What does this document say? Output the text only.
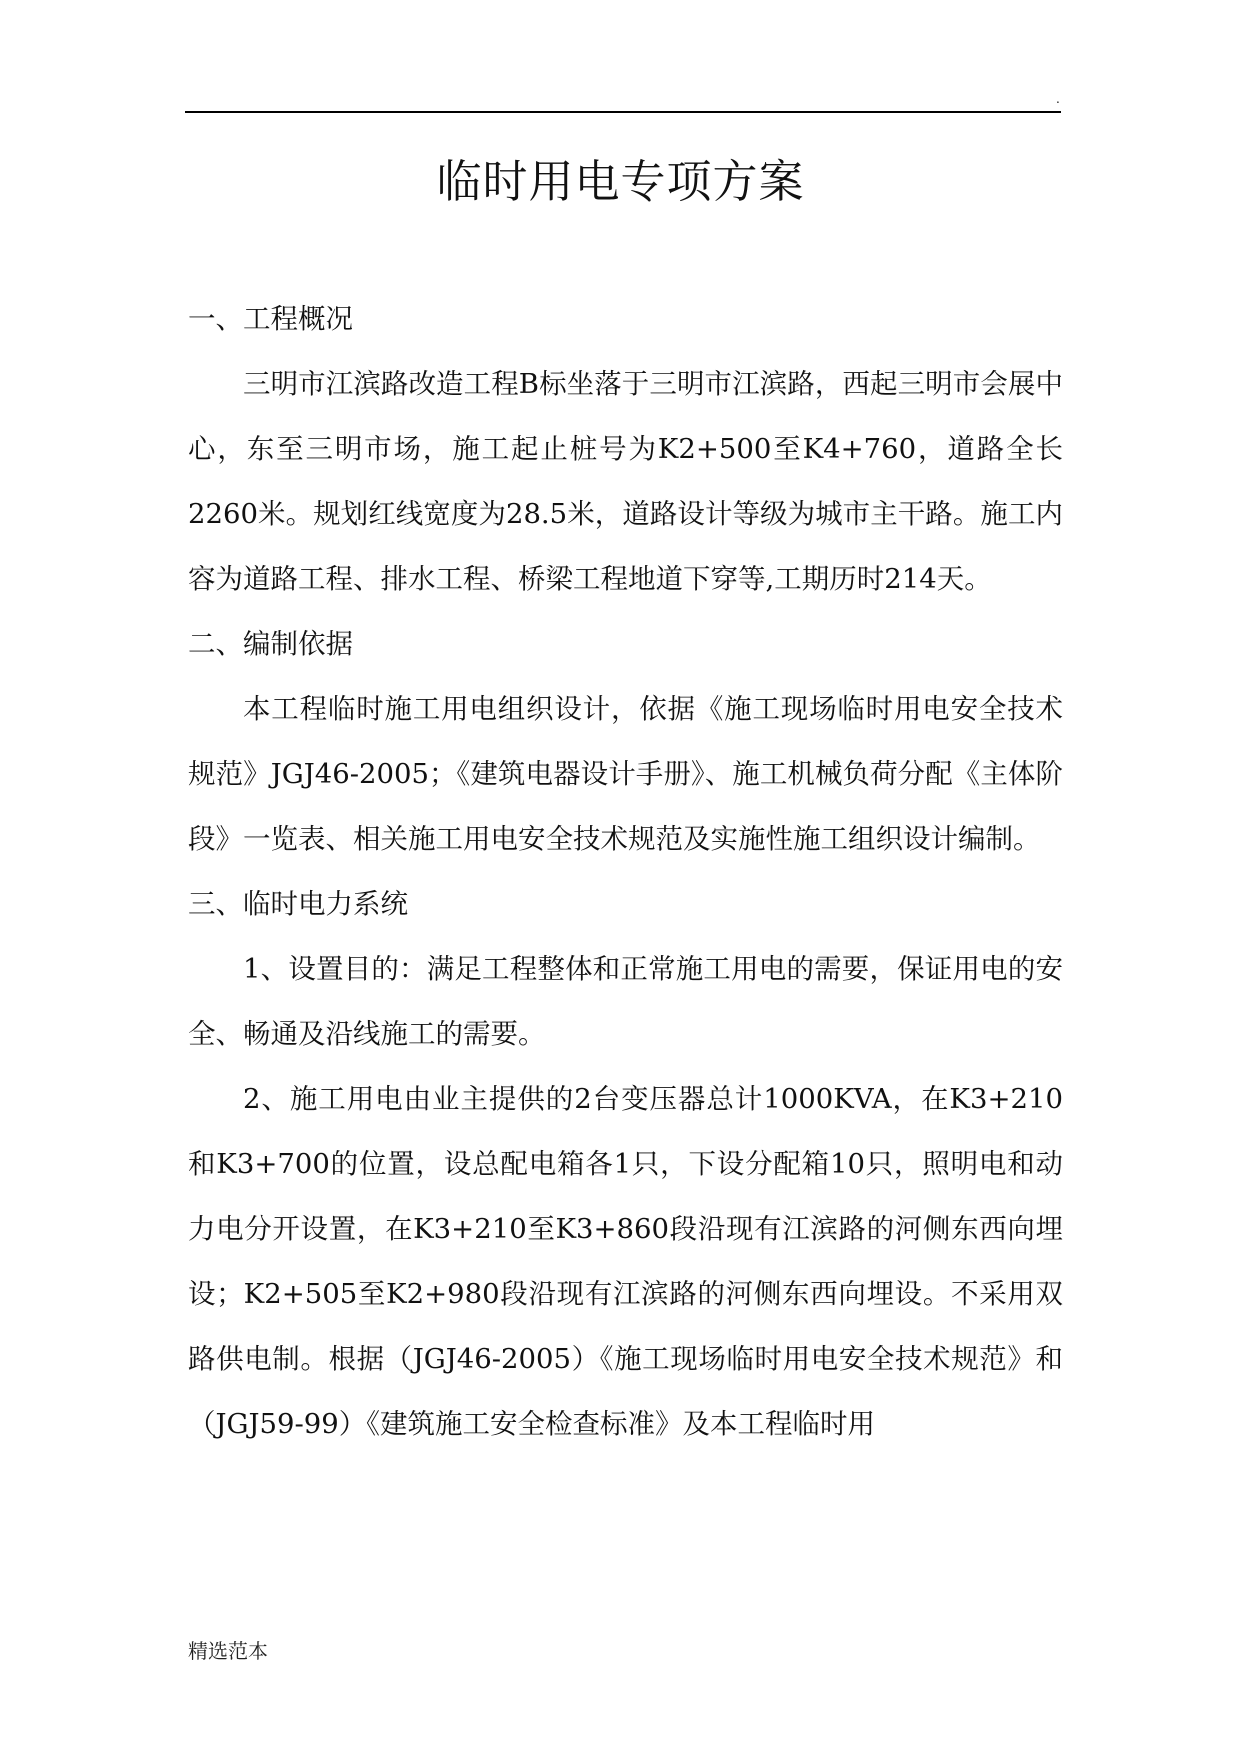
.
临时用电专项方案

一、工程概况

三明市江滨路改造工程B标坐落于三明市江滨路，西起三明市会展中心，东至三明市场，施工起止桩号为K2+500至K4+760，道路全长2260米。规划红线宽度为28.5米，道路设计等级为城市主干路。施工内容为道路工程、排水工程、桥梁工程地道下穿等,工期历时214天。

二、编制依据

本工程临时施工用电组织设计，依据《施工现场临时用电安全技术规范》JGJ46-2005；《建筑电器设计手册》、施工机械负荷分配《主体阶段》一览表、相关施工用电安全技术规范及实施性施工组织设计编制。

三、临时电力系统

1、设置目的：满足工程整体和正常施工用电的需要，保证用电的安全、畅通及沿线施工的需要。

2、施工用电由业主提供的2台变压器总计1000KVA，在K3+210和K3+700的位置，设总配电箱各1只，下设分配箱10只，照明电和动力电分开设置，在K3+210至K3+860段沿现有江滨路的河侧东西向埋设；K2+505至K2+980段沿现有江滨路的河侧东西向埋设。不采用双路供电制。根据（JGJ46-2005）《施工现场临时用电安全技术规范》和（JGJ59-99）《建筑施工安全检查标准》及本工程临时用

精选范本
